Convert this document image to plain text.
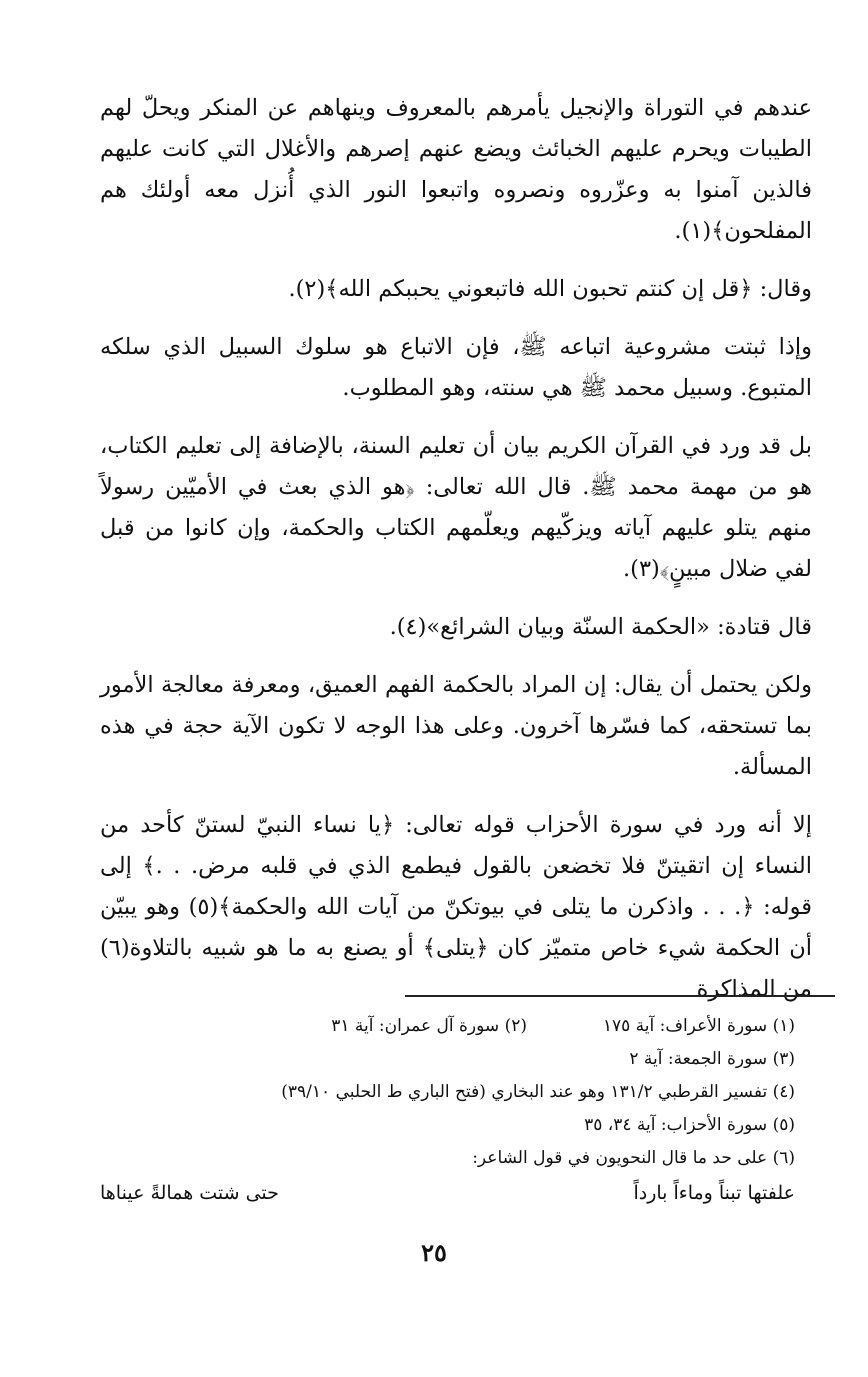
عندهم في التوراة والإنجيل يأمرهم بالمعروف وينهاهم عن المنكر ويحلّ لهم الطيبات ويحرم عليهم الخبائث ويضع عنهم إصرهم والأغلال التي كانت عليهم فالذين آمنوا به وعزّروه ونصروه واتبعوا النور الذي أُنزل معه أولئك هم المفلحون﴾(١).

وقال: ﴿قل إن كنتم تحبون الله فاتبعوني يحببكم الله﴾(٢).

وإذا ثبتت مشروعية اتباعه ﷺ، فإن الاتباع هو سلوك السبيل الذي سلكه المتبوع. وسبيل محمد ﷺ هي سنته، وهو المطلوب.

بل قد ورد في القرآن الكريم بيان أن تعليم السنة، بالإضافة إلى تعليم الكتاب، هو من مهمة محمد ﷺ. قال الله تعالى: ﴿هو الذي بعث في الأميّين رسولاً منهم يتلو عليهم آياته ويزكّيهم ويعلّمهم الكتاب والحكمة، وإن كانوا من قبل لفي ضلال مبينٍ﴾(٣).

قال قتادة: «الحكمة السنّة وبيان الشرائع»(٤).

ولكن يحتمل أن يقال: إن المراد بالحكمة الفهم العميق، ومعرفة معالجة الأمور بما تستحقه، كما فسّرها آخرون. وعلى هذا الوجه لا تكون الآية حجة في هذه المسألة.

إلا أنه ورد في سورة الأحزاب قوله تعالى: ﴿يا نساء النبيّ لستنّ كأحد من النساء إن اتقيتنّ فلا تخضعن بالقول فيطمع الذي في قلبه مرض. . .﴾ إلى قوله: ﴿. . . واذكرن ما يتلى في بيوتكنّ من آيات الله والحكمة﴾(٥) وهو يبيّن أن الحكمة شيء خاص متميّز كان ﴿يتلى﴾ أو يصنع به ما هو شبيه بالتلاوة(٦) من المذاكرة

(١) سورة الأعراف: آية ١٧٥
(٢) سورة آل عمران: آية ٣١
(٣) سورة الجمعة: آية ٢
(٤) تفسير القرطبي ١٣١/٢ وهو عند البخاري (فتح الباري ط الحلبي ٣٩/١٠)
(٥) سورة الأحزاب: آية ٣٤، ٣٥
(٦) على حد ما قال النحويون في قول الشاعر:
علفتها تبناً وماءاً بارداً
حتى شتت همالةً عيناها
٢٥
